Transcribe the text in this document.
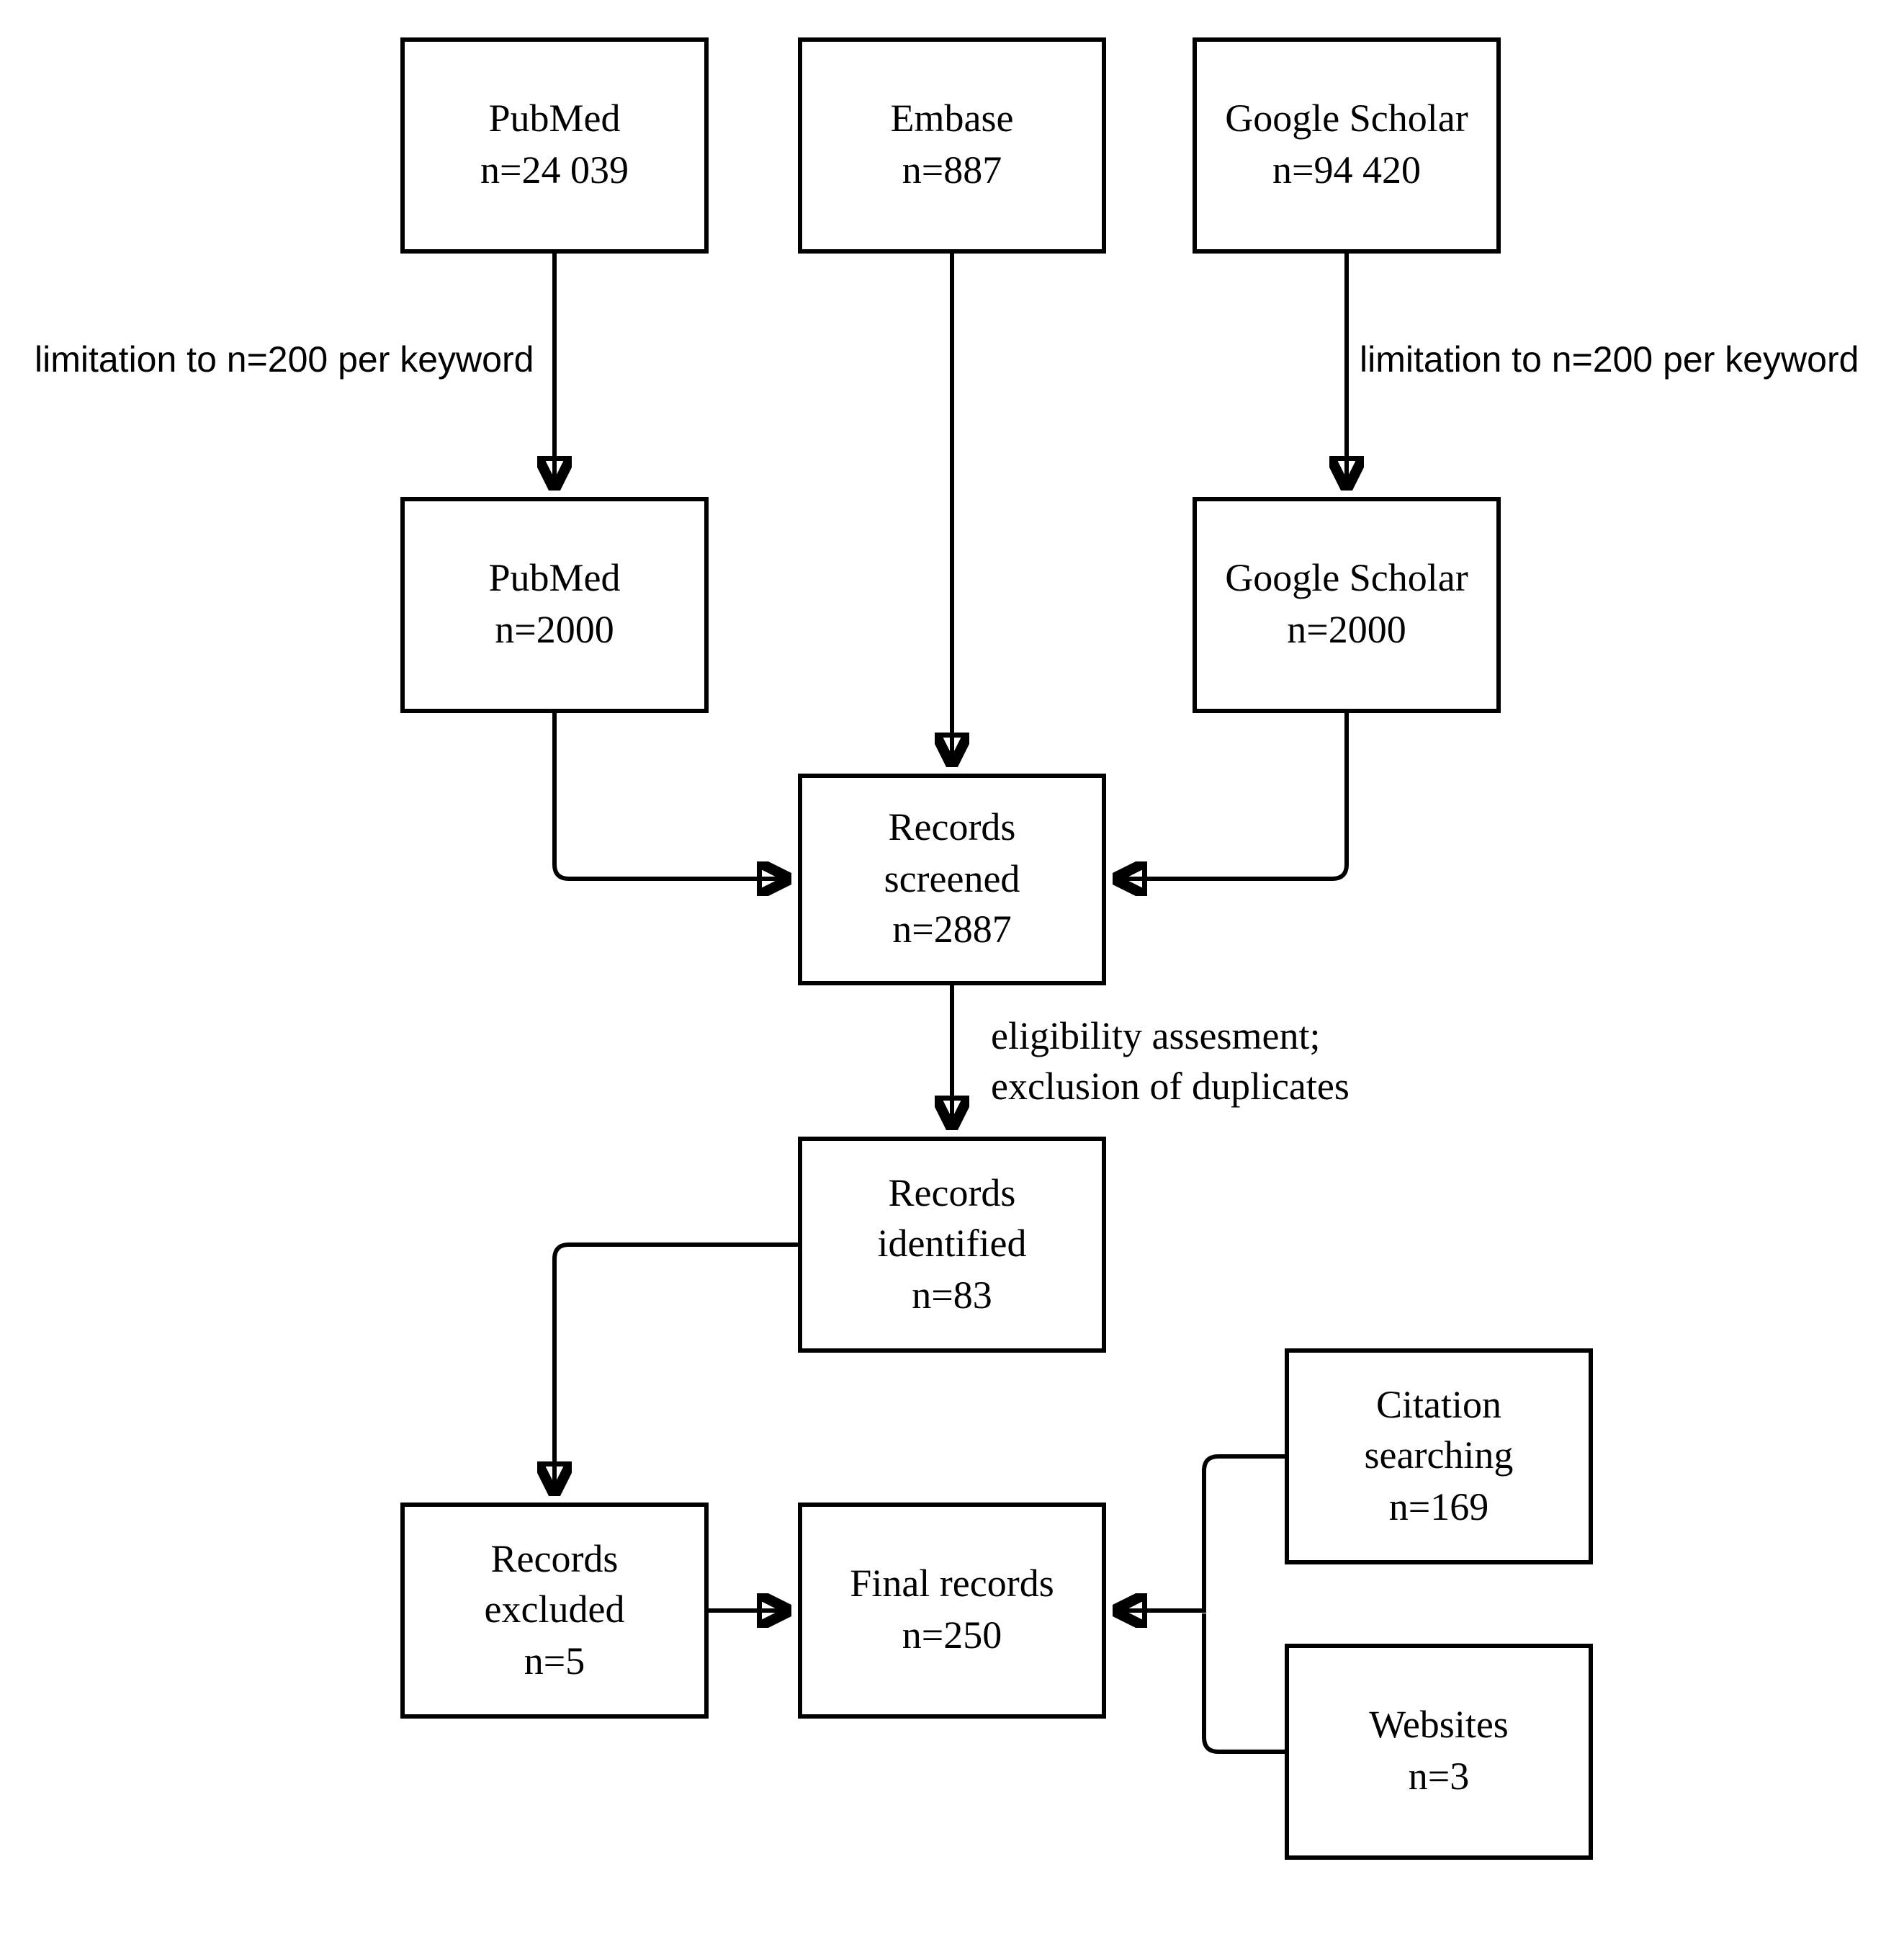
PubMed
n=24 039
Embase
n=887
Google Scholar
n=94 420
PubMed
n=2000
Google Scholar
n=2000
Records
screened
n=2887
Records
identified
n=83
Records
excluded
n=5
Final records
n=250
Citation
searching
n=169
Websites
n=3
limitation to n=200 per keyword	limitation to n=200 per keyword
eligibility assesment;
exclusion of duplicates
